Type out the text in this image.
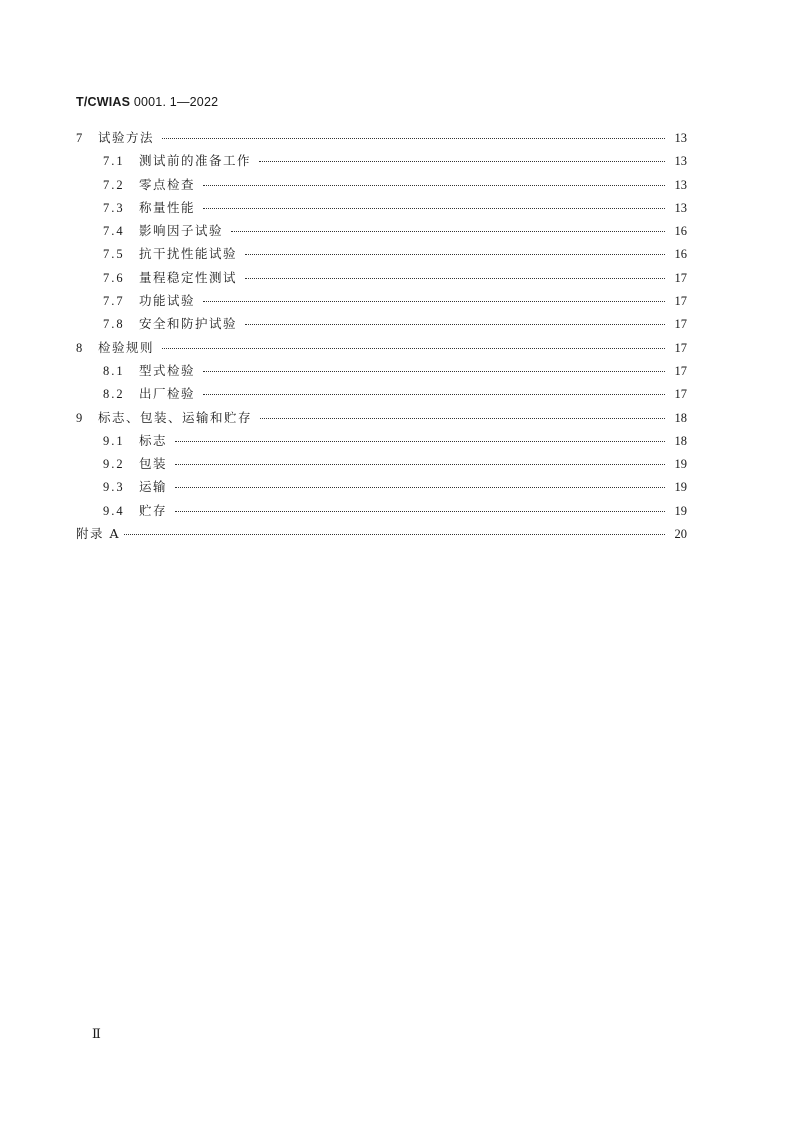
T/CWIAS 0001. 1—2022
7	试验方法	13
7.1	测试前的准备工作	13
7.2	零点检查	13
7.3	称量性能	13
7.4	影响因子试验	16
7.5	抗干扰性能试验	16
7.6	量程稳定性测试	17
7.7	功能试验	17
7.8	安全和防护试验	17
8	检验规则	17
8.1	型式检验	17
8.2	出厂检验	17
9	标志、包装、运输和贮存	18
9.1	标志	18
9.2	包装	19
9.3	运输	19
9.4	贮存	19
附录 A	20
Ⅱ
